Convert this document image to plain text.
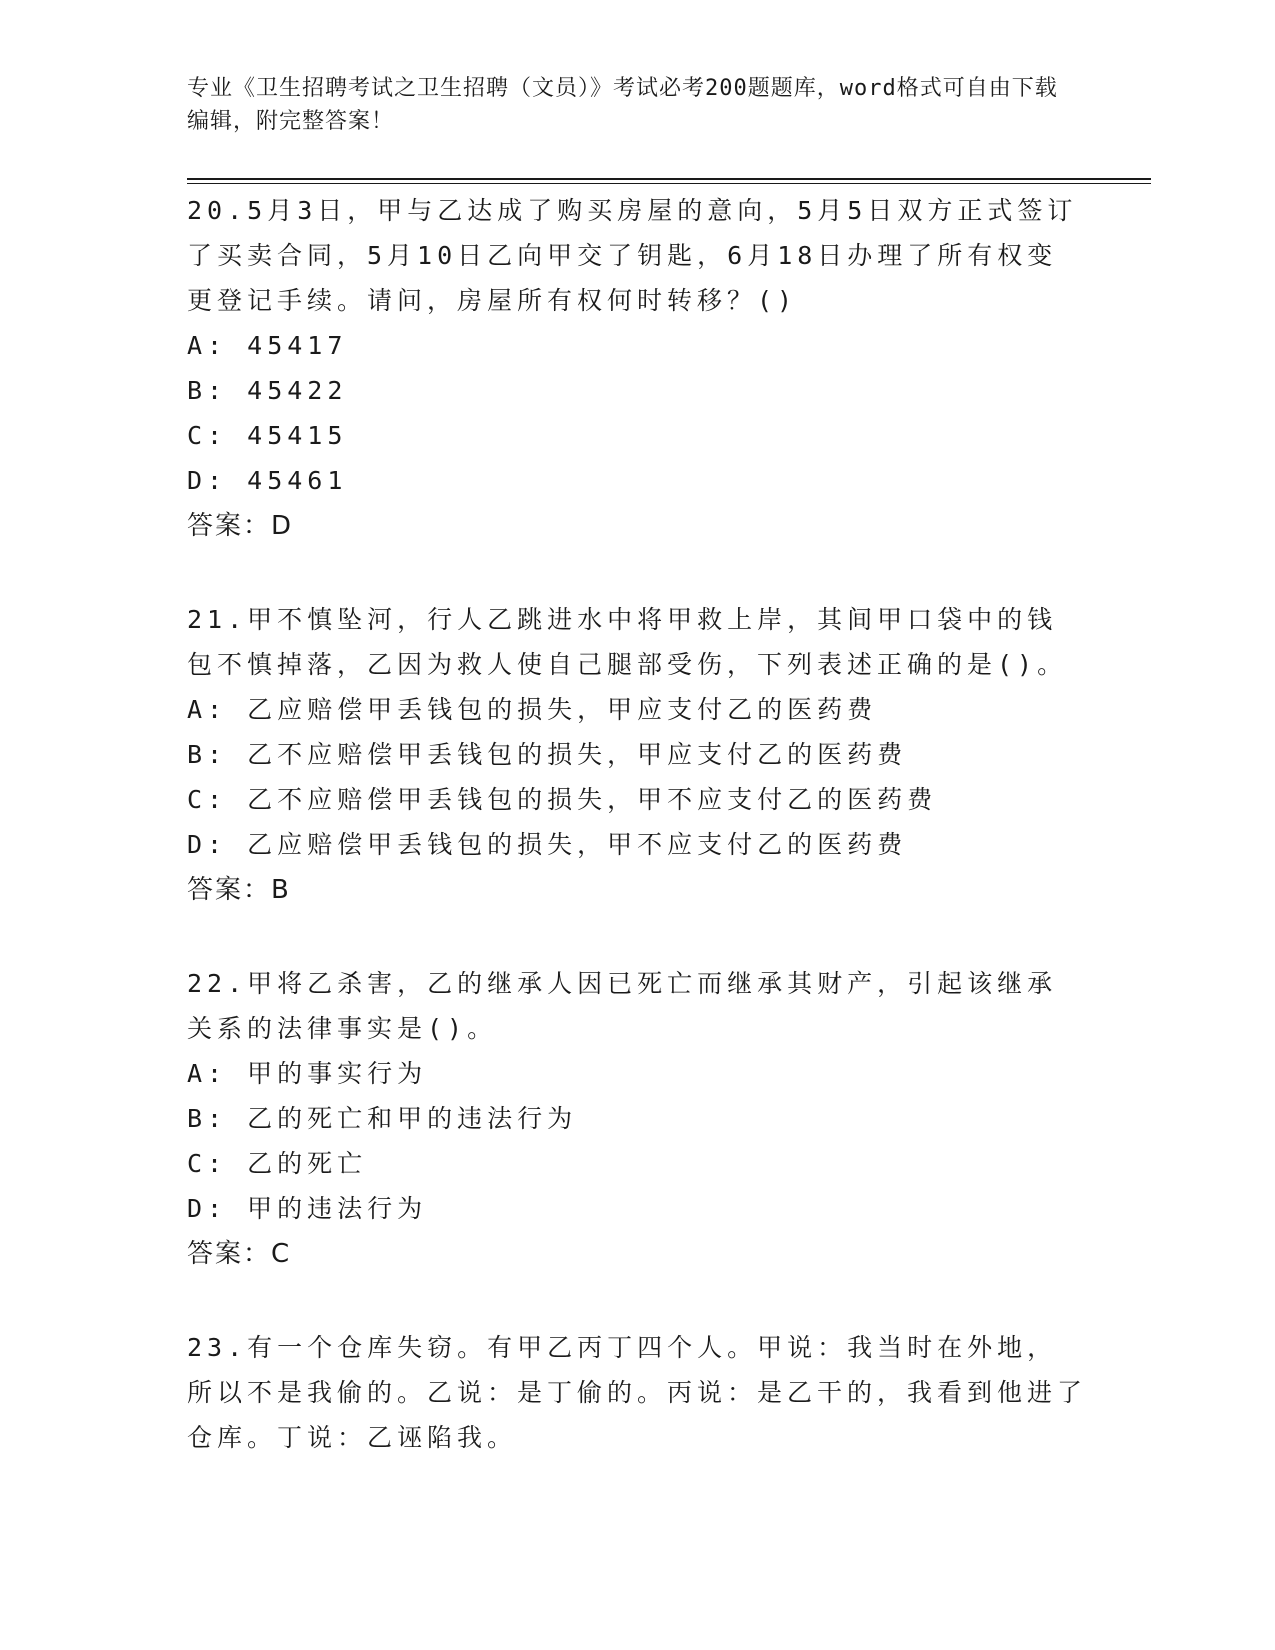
专业《卫生招聘考试之卫生招聘（文员）》考试必考200题题库，word格式可自由下载编辑，附完整答案！
20.5月3日，甲与乙达成了购买房屋的意向，5月5日双方正式签订了买卖合同，5月10日乙向甲交了钥匙，6月18日办理了所有权变更登记手续。请问，房屋所有权何时转移？()
A: 45417
B: 45422
C: 45415
D: 45461
答案：D
21.甲不慎坠河，行人乙跳进水中将甲救上岸，其间甲口袋中的钱包不慎掉落，乙因为救人使自己腿部受伤，下列表述正确的是()。
A: 乙应赔偿甲丢钱包的损失，甲应支付乙的医药费
B: 乙不应赔偿甲丢钱包的损失，甲应支付乙的医药费
C: 乙不应赔偿甲丢钱包的损失，甲不应支付乙的医药费
D: 乙应赔偿甲丢钱包的损失，甲不应支付乙的医药费
答案：B
22.甲将乙杀害，乙的继承人因已死亡而继承其财产，引起该继承关系的法律事实是()。
A: 甲的事实行为
B: 乙的死亡和甲的违法行为
C: 乙的死亡
D: 甲的违法行为
答案：C
23.有一个仓库失窃。有甲乙丙丁四个人。甲说：我当时在外地，所以不是我偷的。乙说：是丁偷的。丙说：是乙干的，我看到他进了仓库。丁说：乙诬陷我。
